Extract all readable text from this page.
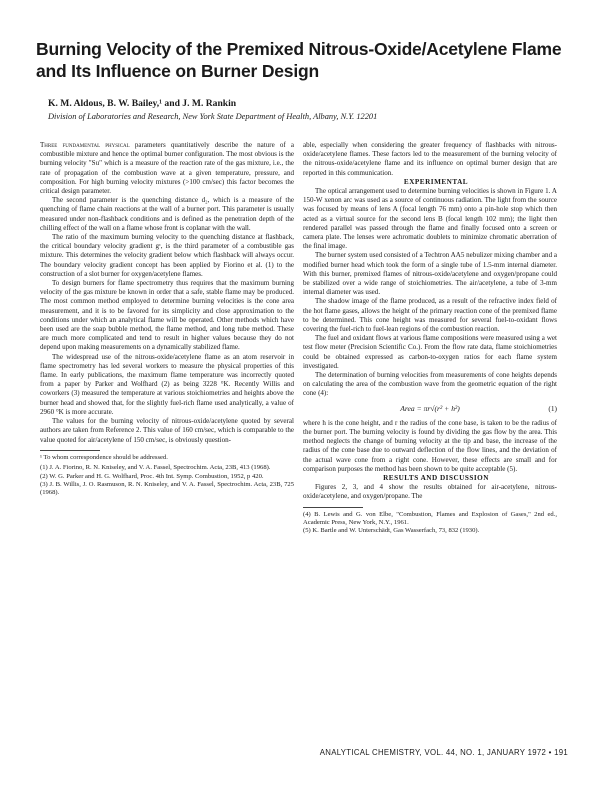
Burning Velocity of the Premixed Nitrous-Oxide/Acetylene Flame and Its Influence on Burner Design

K. M. Aldous, B. W. Bailey,¹ and J. M. Rankin

Division of Laboratories and Research, New York State Department of Health, Albany, N.Y. 12201

Three fundamental physical parameters quantitatively describe the nature of a combustible mixture and hence the optimal burner configuration. The most obvious is the burning velocity "Su" which is a measure of the reaction rate of the gas mixture, i.e., the rate of propagation of the combustion wave at a given temperature, pressure, and composition. For high burning velocity mixtures (>100 cm/sec) this factor becomes the critical design parameter.

The second parameter is the quenching distance d₂, which is a measure of the quenching of flame chain reactions at the wall of a burner port. This parameter is usually measured under non-flashback conditions and is defined as the penetration depth of the chilling effect of the wall on a flame whose front is coplanar with the wall.

The ratio of the maximum burning velocity to the quenching distance at flashback, the critical boundary velocity gradient gᶜ, is the third parameter of a combustible gas mixture. This determines the velocity gradient below which flashback will always occur. The boundary velocity gradient concept has been applied by Fiorino et al. (1) to the construction of a slot burner for oxygen/acetylene flames.

To design burners for flame spectrometry thus requires that the maximum burning velocity of the gas mixture be known in order that a safe, stable flame may be produced. The most common method employed to determine burning velocities is the cone area measurement, and it is to be favored for its simplicity and close approximation to the conditions under which an analytical flame will be operated. Other methods which have been used are the soap bubble method, the flame method, and long tube method. These are much more complicated and tend to result in higher values because they do not depend upon making measurements on a dynamically stabilized flame.

The widespread use of the nitrous-oxide/acetylene flame as an atom reservoir in flame spectrometry has led several workers to measure the physical properties of this flame. In early publications, the maximum flame temperature was incorrectly quoted from a paper by Parker and Wolfhard (2) as being 3228 °K. Recently Willis and coworkers (3) measured the temperature at various stoichiometries and heights above the burner head and showed that, for the slightly fuel-rich flame used analytically, a value of 2960 °K is more accurate.

The values for the burning velocity of nitrous-oxide/acetylene quoted by several authors are taken from Reference 2. This value of 160 cm/sec, which is comparable to the value quoted for air/acetylene of 150 cm/sec, is obviously question-

¹ To whom correspondence should be addressed.

(1) J. A. Fiorino, R. N. Kniseley, and V. A. Fassel, Spectrochim. Acta, 23B, 413 (1968).

(2) W. G. Parker and H. G. Wolfhard, Proc. 4th Int. Symp. Combustion, 1952, p 420.

(3) J. B. Willis, J. O. Rasmuson, R. N. Kniseley, and V. A. Fassel, Spectrochim. Acta, 23B, 725 (1968).

able, especially when considering the greater frequency of flashbacks with nitrous-oxide/acetylene flames. These factors led to the measurement of the burning velocity of the nitrous-oxide/acetylene flame and its influence on optimal burner design that are reported in this communication.

EXPERIMENTAL

The optical arrangement used to determine burning velocities is shown in Figure 1. A 150-W xenon arc was used as a source of continuous radiation. The light from the source was focused by means of lens A (focal length 76 mm) onto a pin-hole stop which then acted as a virtual source for the second lens B (focal length 102 mm); the light then rendered parallel was passed through the flame and finally focused onto a screen or camera plate. The lenses were achromatic doublets to minimize chromatic aberration of the final image.

The burner system used consisted of a Techtron AA5 nebulizer mixing chamber and a modified burner head which took the form of a single tube of 1.5-mm internal diameter. With this burner, premixed flames of nitrous-oxide/acetylene and oxygen/propane could be stabilized over a wide range of stoichiometries. The air/acetylene, a tube of 3-mm internal diameter was used.

The shadow image of the flame produced, as a result of the refractive index field of the hot flame gases, allows the height of the primary reaction cone of the premixed flame to be determined. This cone height was measured for several fuel-to-oxidant flows covering the fuel-rich to fuel-lean regions of the combustion reaction.

The fuel and oxidant flows at various flame compositions were measured using a wet test flow meter (Precision Scientific Co.). From the flow rate data, flame stoichiometries could be obtained expressed as carbon-to-oxygen ratios for each flame system investigated.

The determination of burning velocities from measurements of cone heights depends on calculating the area of the combustion wave from the geometric equation of the right cone (4):

Area = πr√(r² + h²)	(1)

where h is the cone height, and r the radius of the cone base, is taken to be the radius of the burner port. The burning velocity is found by dividing the gas flow by the area. This method neglects the change of burning velocity at the tip and base, the increase of the radius of the cone base due to outward deflection of the flow lines, and the deviation of the actual wave cone from a right cone. However, these effects are small and for comparison purposes the method has been shown to be quite acceptable (5).

RESULTS AND DISCUSSION

Figures 2, 3, and 4 show the results obtained for air-acetylene, nitrous-oxide/acetylene, and oxygen/propane. The

(4) B. Lewis and G. von Elbe, "Combustion, Flames and Explosion of Gases," 2nd ed., Academic Press, New York, N.Y., 1961.

(5) K. Bartle and W. Unterschädt, Gas Wasserfach, 73, 832 (1930).

ANALYTICAL CHEMISTRY, VOL. 44, NO. 1, JANUARY 1972 • 191
